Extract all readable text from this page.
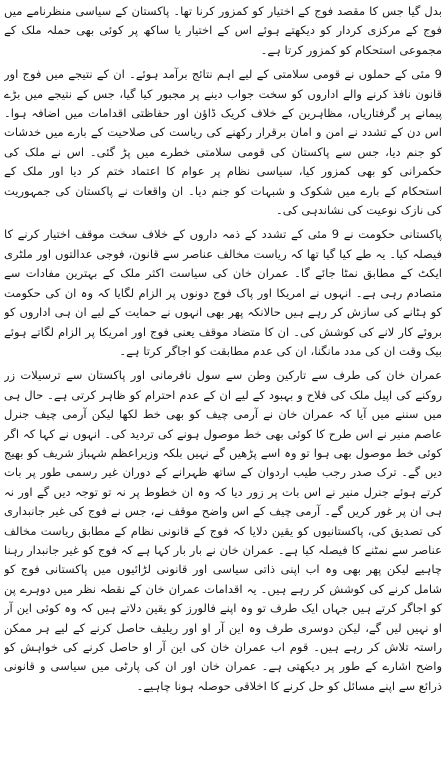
بدل گیا جس کا مقصد فوج کے اختیار کو کمزور کرنا تھا۔ پاکستان کے سیاسی منظرنامے میں فوج کے مرکزی کردار کو دیکھتے ہوئے اس کے اختیار یا ساکھ پر کوئی بھی حملہ ملک کے مجموعی استحکام کو کمزور کرتا ہے۔

9 مئی کے حملوں نے قومی سلامتی کے لیے اہم نتائج برآمد ہوئے۔ ان کے نتیجے میں فوج اور قانون نافذ کرنے والے اداروں کو سخت جواب دینے پر مجبور کیا گیا، جس کے نتیجے میں بڑے پیمانے پر گرفتاریاں، مظاہرین کے خلاف کریک ڈاؤن اور حفاظتی اقدامات میں اضافہ ہوا۔ اس دن کے تشدد نے امن و امان برقرار رکھنے کی ریاست کی صلاحیت کے بارے میں خدشات کو جنم دیا، جس سے پاکستان کی قومی سلامتی خطرے میں پڑ گئی۔ اس نے ملک کی حکمرانی کو بھی کمزور کیا، سیاسی نظام پر عوام کا اعتماد ختم کر دیا اور ملک کے استحکام کے بارے میں شکوک و شبہات کو جنم دیا۔ ان واقعات نے پاکستان کی جمہوریت کی نازک نوعیت کی نشاندہی کی۔

پاکستانی حکومت نے 9 مئی کے تشدد کے ذمہ داروں کے خلاف سخت موقف اختیار کرنے کا فیصلہ کیا۔ یہ طے کیا گیا تھا کہ ریاست مخالف عناصر سے قانون، فوجی عدالتوں اور ملٹری ایکٹ کے مطابق نمٹا جائے گا۔ عمران خان کی سیاست اکثر ملک کے بہترین مفادات سے متصادم رہی ہے۔ انہوں نے امریکا اور پاک فوج دونوں پر الزام لگایا کہ وہ ان کی حکومت کو ہٹانے کی سازش کر رہے ہیں حالانکہ پھر بھی انہوں نے حمایت کے لیے ان ہی اداروں کو بروئے کار لانے کی کوشش کی۔ ان کا متضاد موقف یعنی فوج اور امریکا پر الزام لگاتے ہوئے بیک وقت ان کی مدد مانگنا، ان کی عدم مطابقت کو اجاگر کرتا ہے۔

عمران خان کی طرف سے تارکین وطن سے سول نافرمانی اور پاکستان سے ترسیلات زر روکنے کی اپیل ملک کی فلاح و بہبود کے لیے ان کے عدم احترام کو ظاہر کرتی ہے۔ حال ہی میں سننے میں آیا کہ عمران خان نے آرمی چیف کو بھی خط لکھا لیکن آرمی چیف جنرل عاصم منیر نے اس طرح کا کوئی بھی خط موصول ہونے کی تردید کی۔ انہوں نے کہا کہ اگر کوئی خط موصول بھی ہوا تو وہ اسے پڑھیں گے نہیں بلکہ وزیراعظم شہباز شریف کو بھیج دیں گے۔ ترک صدر رجب طیب اردوان کے ساتھ ظہرانے کے دوران غیر رسمی طور پر بات کرتے ہوئے جنرل منیر نے اس بات پر زور دیا کہ وہ ان خطوط پر نہ تو توجہ دیں گے اور نہ ہی ان پر غور کریں گے۔ آرمی چیف کے اس واضح موقف نے، جس نے فوج کی غیر جانبداری کی تصدیق کی، پاکستانیوں کو یقین دلایا کہ فوج کے قانونی نظام کے مطابق ریاست مخالف عناصر سے نمٹنے کا فیصلہ کیا ہے۔ عمران خان نے بار بار کہا ہے کہ فوج کو غیر جانبدار رہنا چاہیے لیکن پھر بھی وہ اب اپنی ذاتی سیاسی اور قانونی لڑائیوں میں پاکستانی فوج کو شامل کرنے کی کوشش کر رہے ہیں۔ یہ اقدامات عمران خان کے نقطہ نظر میں دوہرے پن کو اجاگر کرتے ہیں جہاں ایک طرف تو وہ اپنے فالورز کو یقین دلاتے ہیں کہ وہ کوئی این آر او نہیں لیں گے، لیکن دوسری طرف وہ این آر او اور ریلیف حاصل کرنے کے لیے ہر ممکن راستہ تلاش کر رہے ہیں۔ قوم اب عمران خان کی این آر او حاصل کرنے کی خواہش کو واضح اشارے کے طور پر دیکھتی ہے۔ عمران خان اور ان کی پارٹی میں سیاسی و قانونی ذرائع سے اپنے مسائل کو حل کرنے کا اخلاقی حوصلہ ہونا چاہیے۔
